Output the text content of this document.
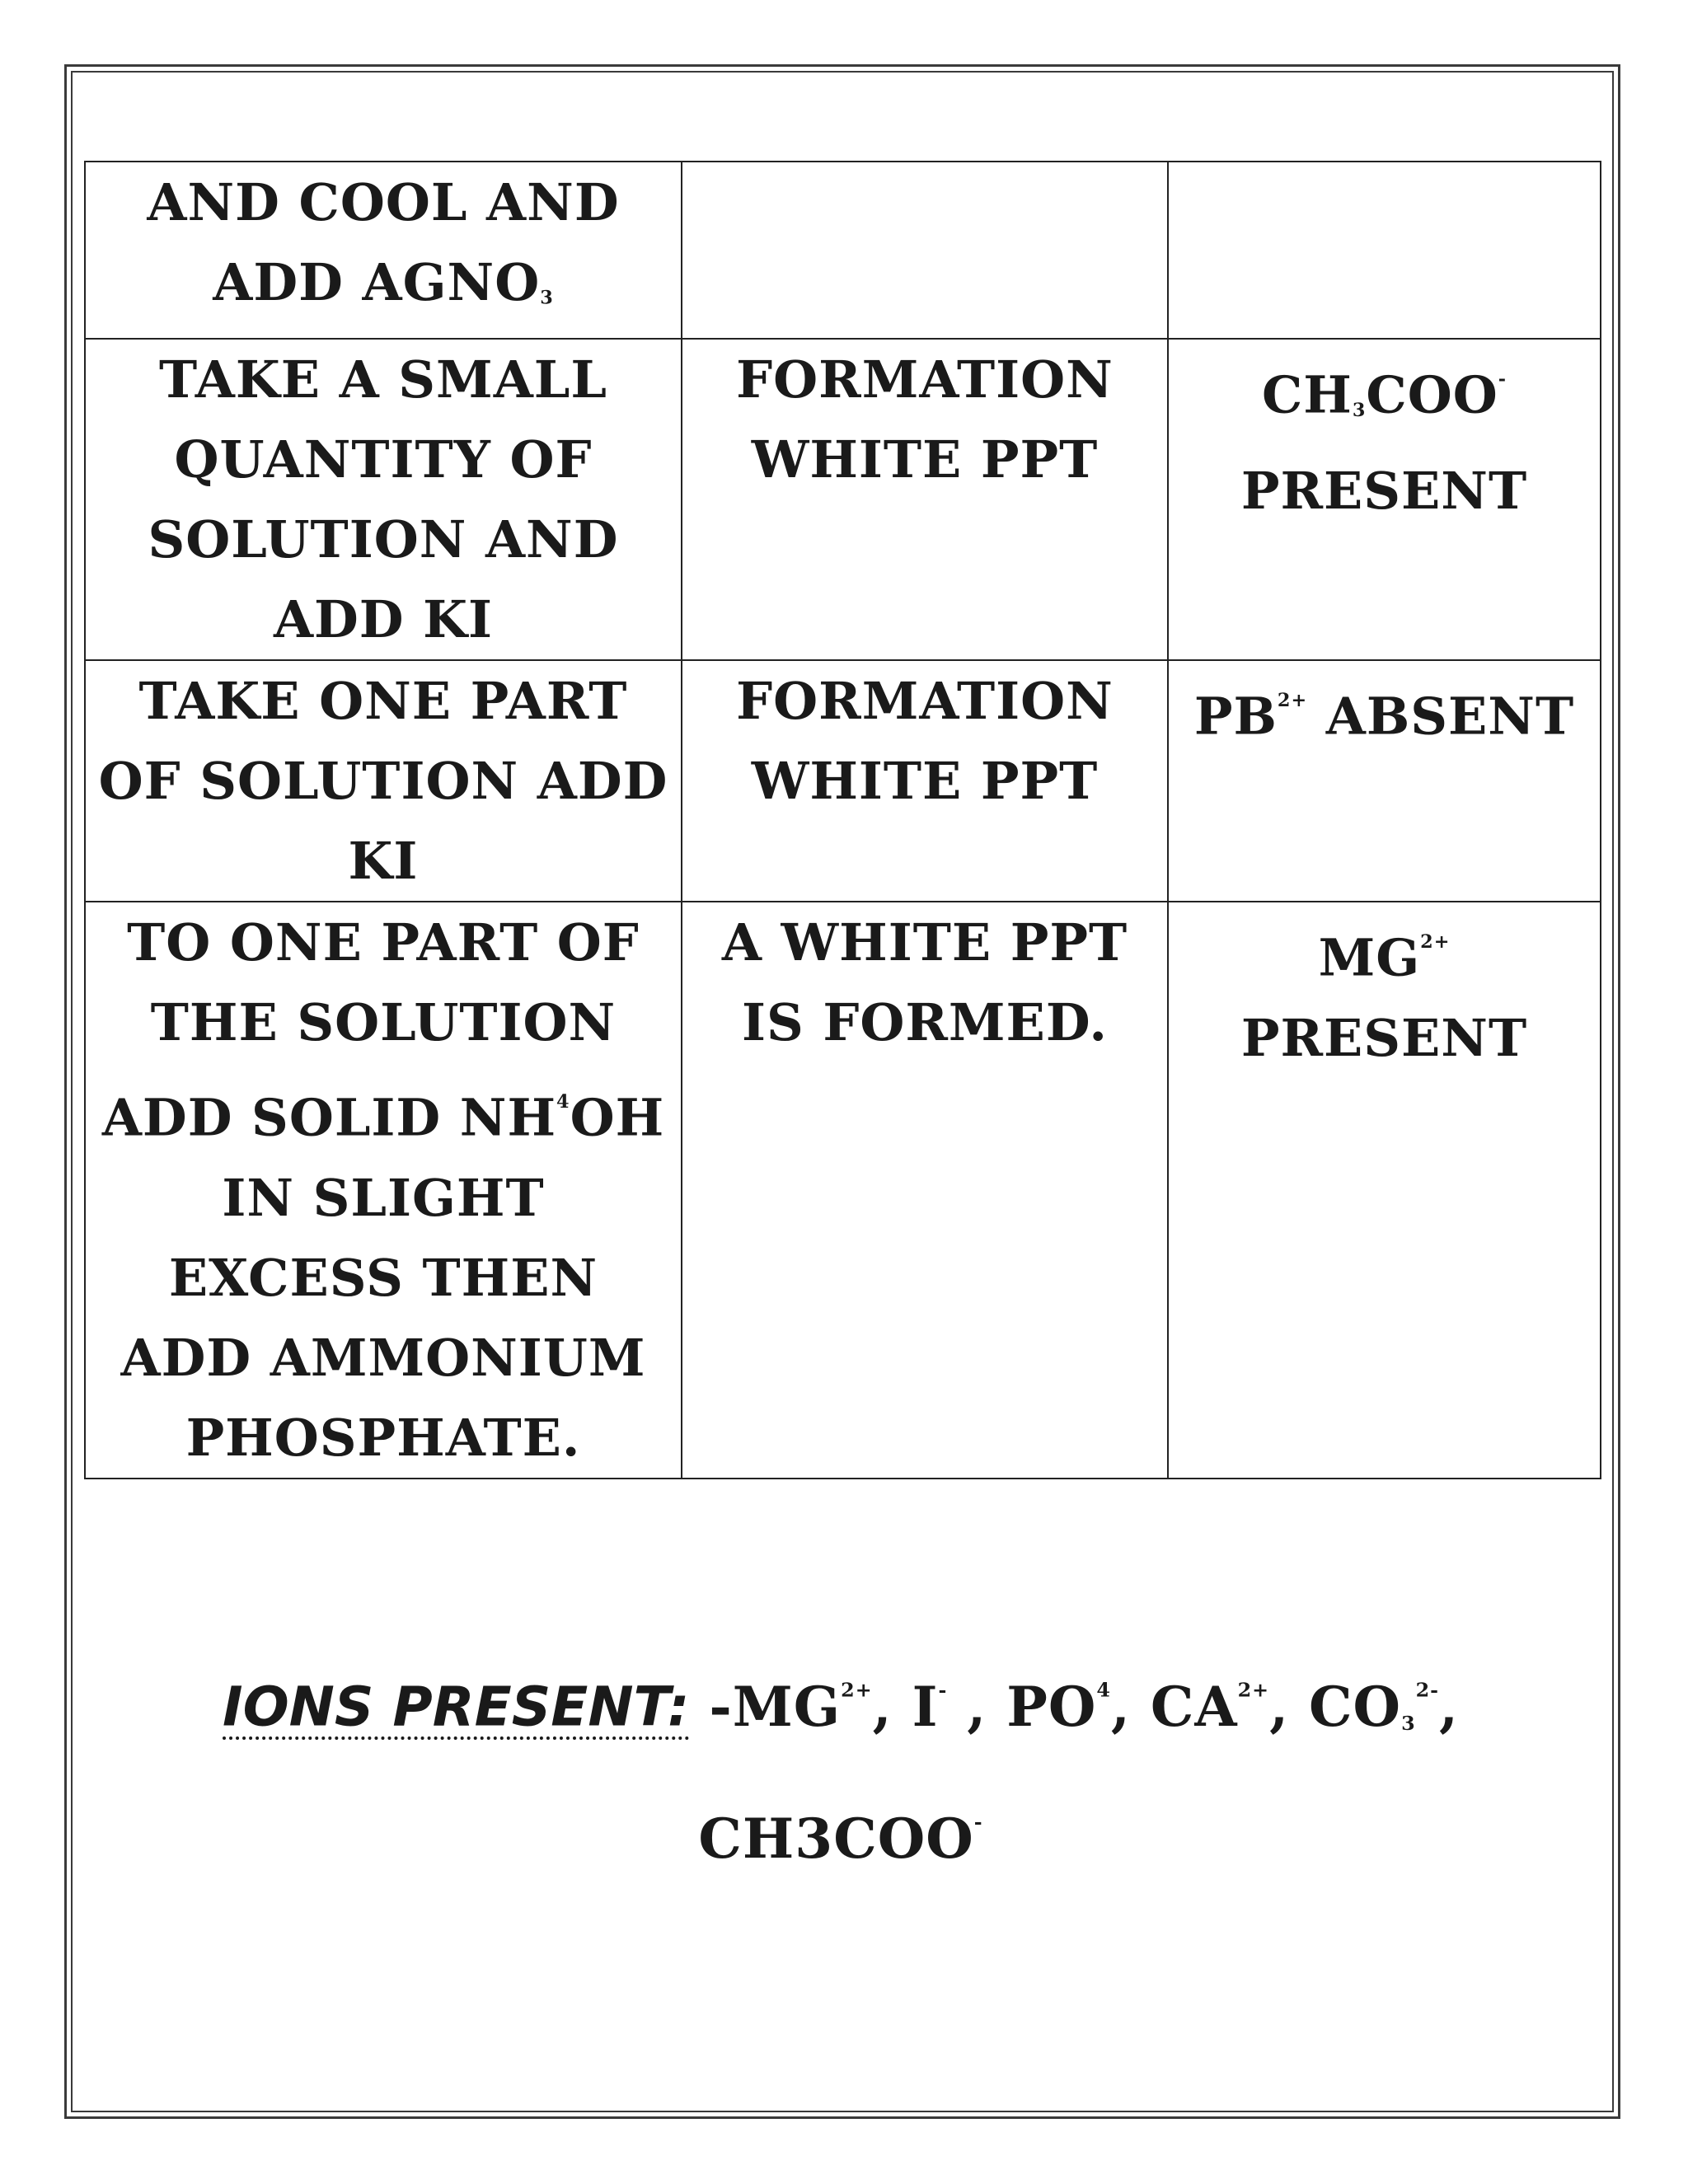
AND COOL AND ADD $AGNO_3$		
TAKE A SMALL QUANTITY OF SOLUTION AND ADD KI	FORMATION WHITE PPT	$CH_3COO^-$ PRESENT
TAKE ONE PART OF SOLUTION ADD KI	FORMATION WHITE PPT	$PB^{2+}$ ABSENT
TO ONE PART OF THE SOLUTION ADD SOLID $NH^4OH$ IN SLIGHT EXCESS THEN ADD AMMONIUM PHOSPHATE.	A WHITE PPT IS FORMED.	$MG^{2+}$ PRESENT
IONS PRESENT: $-MG^{2+}$, I- , $PO^4$, $CA^{2+}$, $CO_3^{2-}$,
CH3COO-
